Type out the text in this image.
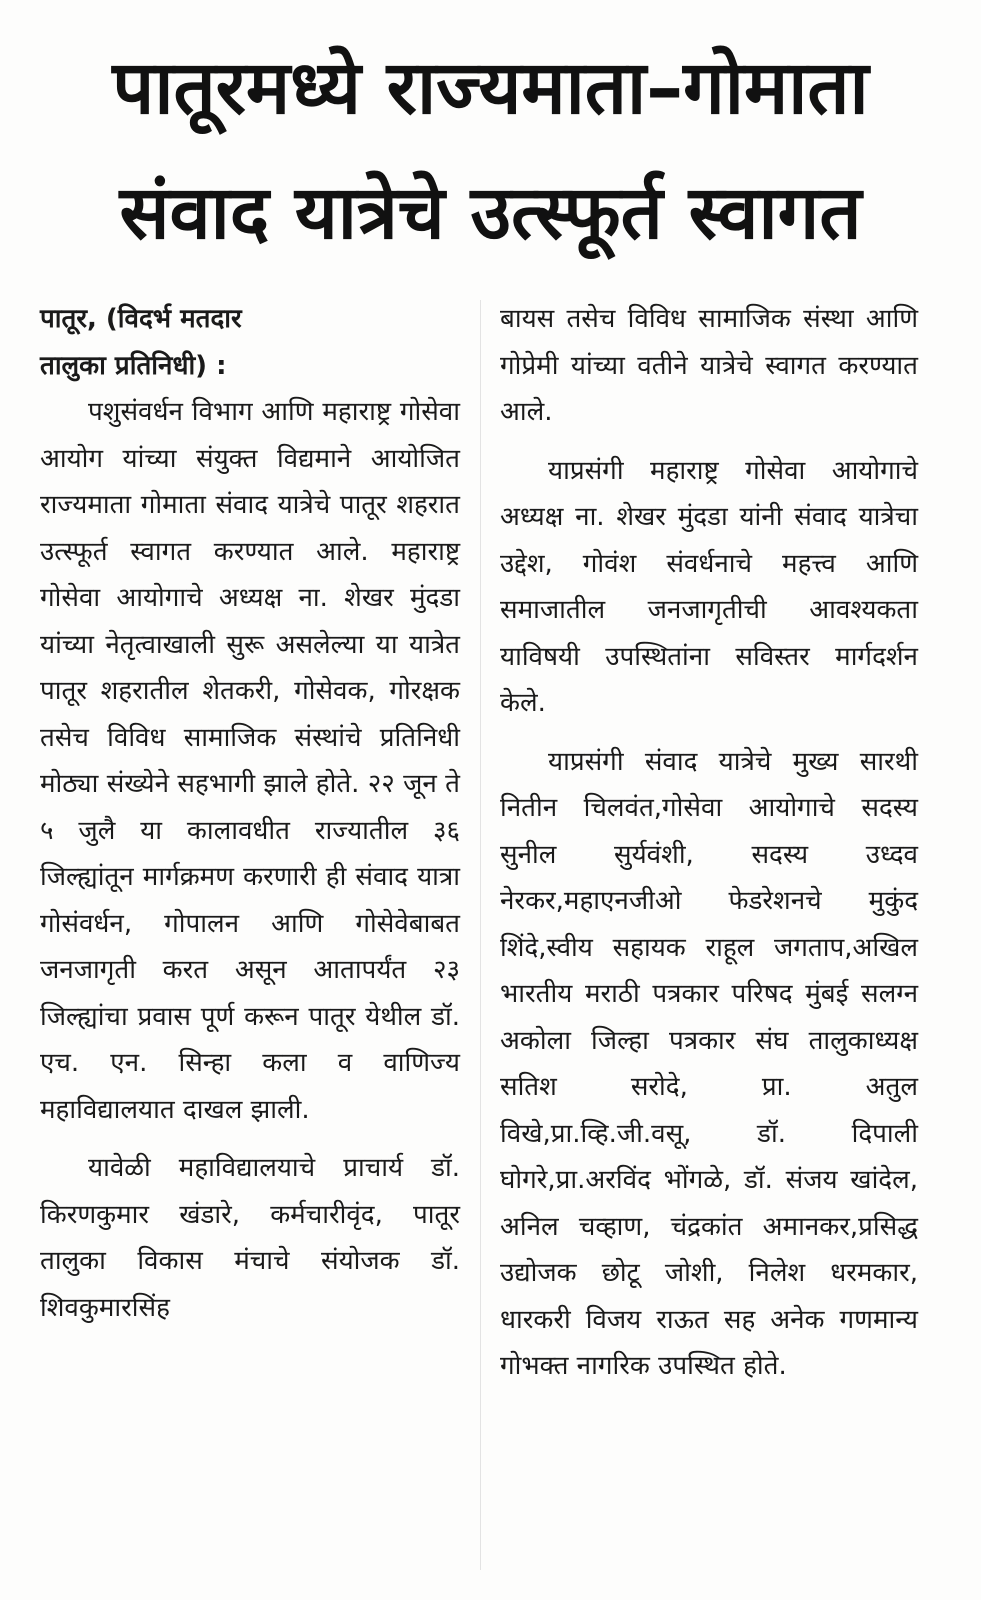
पातूरमध्ये राज्यमाता–गोमाता
संवाद यात्रेचे उत्स्फूर्त स्वागत

पातूर, (विदर्भ मतदार

तालुका प्रतिनिधी) :

पशुसंवर्धन विभाग आणि महाराष्ट्र गोसेवा आयोग यांच्या संयुक्त विद्यमाने आयोजित राज्यमाता गोमाता संवाद यात्रेचे पातूर शहरात उत्स्फूर्त स्वागत करण्यात आले. महाराष्ट्र गोसेवा आयोगाचे अध्यक्ष ना. शेखर मुंदडा यांच्या नेतृत्वाखाली सुरू असलेल्या या यात्रेत पातूर शहरातील शेतकरी, गोसेवक, गोरक्षक तसेच विविध सामाजिक संस्थांचे प्रतिनिधी मोठ्या संख्येने सहभागी झाले होते. २२ जून ते ५ जुलै या कालावधीत राज्यातील ३६ जिल्ह्यांतून मार्गक्रमण करणारी ही संवाद यात्रा गोसंवर्धन, गोपालन आणि गोसेवेबाबत जनजागृती करत असून आतापर्यंत २३ जिल्ह्यांचा प्रवास पूर्ण करून पातूर येथील डॉ. एच. एन. सिन्हा कला व वाणिज्य महाविद्यालयात दाखल झाली.

यावेळी महाविद्यालयाचे प्राचार्य डॉ. किरणकुमार खंडारे, कर्मचारीवृंद, पातूर तालुका विकास मंचाचे संयोजक डॉ. शिवकुमारसिंह

बायस तसेच विविध सामाजिक संस्था आणि गोप्रेमी यांच्या वतीने यात्रेचे स्वागत करण्यात आले.

याप्रसंगी महाराष्ट्र गोसेवा आयोगाचे अध्यक्ष ना. शेखर मुंदडा यांनी संवाद यात्रेचा उद्देश, गोवंश संवर्धनाचे महत्त्व आणि समाजातील जनजागृतीची आवश्यकता याविषयी उपस्थितांना सविस्तर मार्गदर्शन केले.

याप्रसंगी संवाद यात्रेचे मुख्य सारथी नितीन चिलवंत,गोसेवा आयोगाचे सदस्य सुनील सुर्यवंशी, सदस्य उध्दव नेरकर,महाएनजीओ फेडरेशनचे मुकुंद शिंदे,स्वीय सहायक राहूल जगताप,अखिल भारतीय मराठी पत्रकार परिषद मुंबई सलग्न अकोला जिल्हा पत्रकार संघ तालुकाध्यक्ष सतिश सरोदे, प्रा. अतुल विखे,प्रा.व्हि.जी.वसू, डॉ. दिपाली घोगरे,प्रा.अरविंद भोंगळे, डॉ. संजय खांदेल, अनिल चव्हाण, चंद्रकांत अमानकर,प्रसिद्ध उद्योजक छोटू जोशी, निलेश धरमकार, धारकरी विजय राऊत सह अनेक गणमान्य गोभक्त नागरिक उपस्थित होते.
